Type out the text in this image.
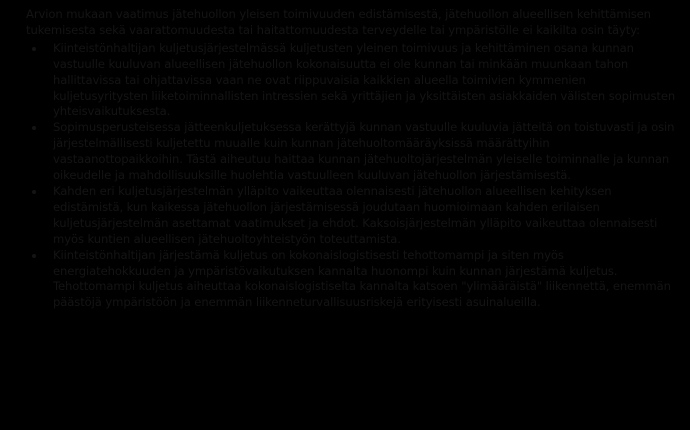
Arvion mukaan vaatimus jätehuollon yleisen toimivuuden edistämisestä, jätehuollon alueellisen kehittämisen tukemisesta sekä vaarattomuudesta tai haitattomuudesta terveydelle tai ympäristölle ei kaikilta osin täyty:

Kiinteistönhaltijan kuljetusjärjestelmässä kuljetusten yleinen toimivuus ja kehittäminen osana kunnan vastuulle kuuluvan alueellisen jätehuollon kokonaisuutta ei ole kunnan tai minkään muunkaan tahon hallittavissa tai ohjattavissa vaan ne ovat riippuvaisia kaikkien alueella toimivien kymmenien kuljetusyritysten liiketoiminnallisten intressien sekä yrittäjien ja yksittäisten asiakkaiden välisten sopimusten yhteisvaikutuksesta.
Sopimusperusteisessa jätteenkuljetuksessa kerättyjä kunnan vastuulle kuuluvia jätteitä on toistuvasti ja osin järjestelmällisesti kuljetettu muualle kuin kunnan jätehuoltomääräyksissä määrättyihin vastaanottopaikkoihin. Tästä aiheutuu haittaa kunnan jätehuoltojärjestelmän yleiselle toiminnalle ja kunnan oikeudelle ja mahdollisuuksille huolehtia vastuulleen kuuluvan jätehuollon järjestämisestä.
Kahden eri kuljetusjärjestelmän ylläpito vaikeuttaa olennaisesti jätehuollon alueellisen kehityksen edistämistä, kun kaikessa jätehuollon järjestämisessä joudutaan huomioimaan kahden erilaisen kuljetusjärjestelmän asettamat vaatimukset ja ehdot. Kaksoisjärjestelmän ylläpito vaikeuttaa olennaisesti myös kuntien alueellisen jätehuoltoyhteistyön toteuttamista.
Kiinteistönhaltijan järjestämä kuljetus on kokonaislogistisesti tehottomampi ja siten myös energiatehokkuuden ja ympäristövaikutuksen kannalta huonompi kuin kunnan järjestämä kuljetus. Tehottomampi kuljetus aiheuttaa kokonaislogistiselta kannalta katsoen "ylimääräistä" liikennettä, enemmän päästöjä ympäristöön ja enemmän liikenneturvallisuusriskejä erityisesti asuinalueilla.
